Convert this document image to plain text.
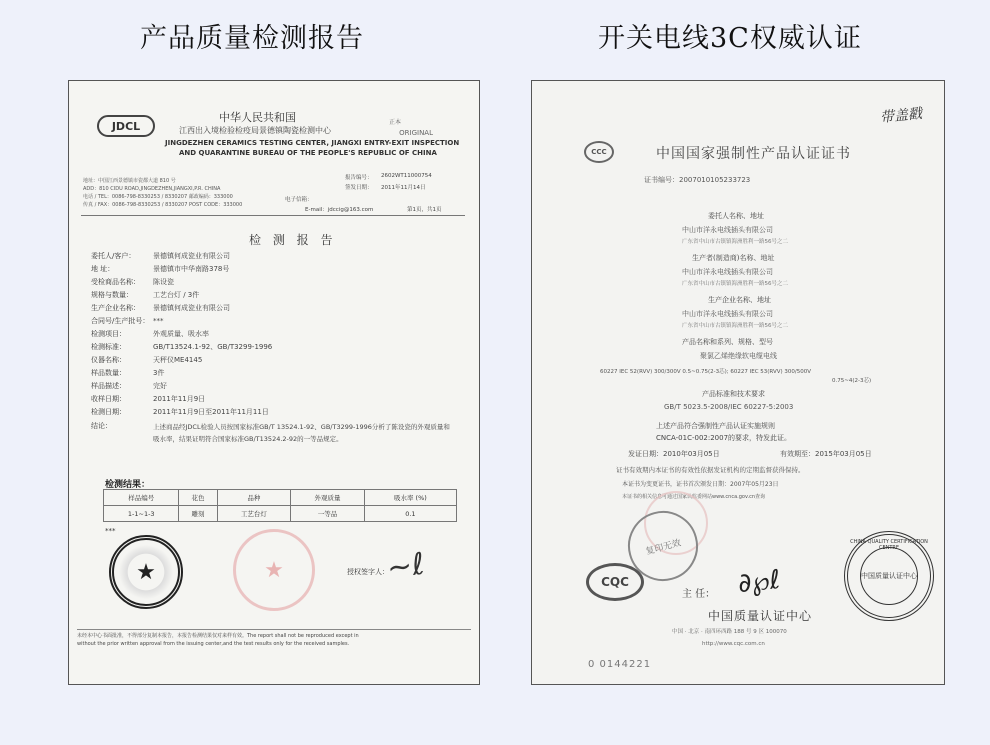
产品质量检测报告	开关电线3C权威认证
JDCL
中华人民共和国
江西出入境检验检疫局景德镇陶瓷检测中心
JINGDEZHEN CERAMICS TESTING CENTER, JIANGXI ENTRY-EXIT INSPECTION
AND QUARANTINE BUREAU OF THE PEOPLE'S REPUBLIC OF CHINA
正本
ORIGINAL
地址：中国江西景德镇市瓷都大道 810 号
ADD：810 CIDU ROAD,JINGDEZHEN,JIANGXI,P.R. CHINA
电话 / TEL：0086-798-8330253 / 8330207 邮政编码：333000
传真 / FAX：0086-798-8330253 / 8330207 POST CODE：333000
报告编号： 2602WT11000754
签发日期： 2011年11月14日
电子信箱：
E-mail：jdccig@163.com	第1页，共1页
检 测 报 告
委托人/客户：	景德镇何成瓷业有限公司
地 址：	景德镇市中华南路378号
受检商品名称： 陈设瓷
规格与数量：	工艺台灯 / 3件
生产企业名称： 景德镇何成瓷业有限公司
合同号/生产批号： ***
检测项目：	外观质量、吸水率
检测标准：	GB/T13524.1-92、GB/T3299-1996
仪器名称：	天秤仪ME4145
样品数量：	3件
样品描述：	完好
收样日期：	2011年11月9日
检测日期：	2011年11月9日至2011年11月11日
结论：	上述商品经JDCL检验人员按国家标准GB/T 13524.1-92、GB/T3299-1996分析了陈设瓷的外观质量和吸水率，结果证明符合国家标准GB/T13524.2-92的一等品规定。
检测结果：
样品编号	花色	品种	外观质量	吸水率 (%)
1-1~1-3	雕刻	工艺台灯	一等品	0.1
***
★	★	授权签字人：
~ℓ
未经本中心书面批准，不得部分复制本报告，本报告检测结果仅对来样有效。The report shall not be reproduced except in
without the prior written approval from the issuing center,and the test results only for the received samples.
带盖戳
CCC	中国国家强制性产品认证证书
证书编号：2007010105233723
委托人名称、地址
中山市洋永电线插头有限公司
广东省中山市古镇镇海洲胜利一路56号之二
生产者(制造商)名称、地址
中山市洋永电线插头有限公司
广东省中山市古镇镇海洲胜利一路56号之二
生产企业名称、地址
中山市洋永电线插头有限公司
广东省中山市古镇镇海洲胜利一路56号之二
产品名称和系列、规格、型号
聚氯乙烯绝缘软电缆电线
60227 IEC 52(RVV) 300/300V 0.5~0.75(2-3芯); 60227 IEC 53(RVV) 300/500V
0.75~4(2-3芯)
产品标准和技术要求
GB/T 5023.5-2008/IEC 60227-5:2003
上述产品符合强制性产品认证实施规则
CNCA-01C-002:2007的要求，特发此证。
发证日期：2010年03月05日	有效期至：2015年03月05日
证书有效期内本证书的有效性依据发证机构的定期监督获得保持。
本证书为变更证书，证书首次颁发日期：2007年05月23日
本证书的相关信息可通过国家认监委网站www.cnca.gov.cn查询
复印无效
CQC
主 任： ∂℘ℓ
中国质量认证中心
中国 · 北京 · 南四环西路 188 号 9 区 100070
http://www.cqc.com.cn
0 0144221
CHINA QUALITY CERTIFICATION CENTRE
中国质量认证中心
